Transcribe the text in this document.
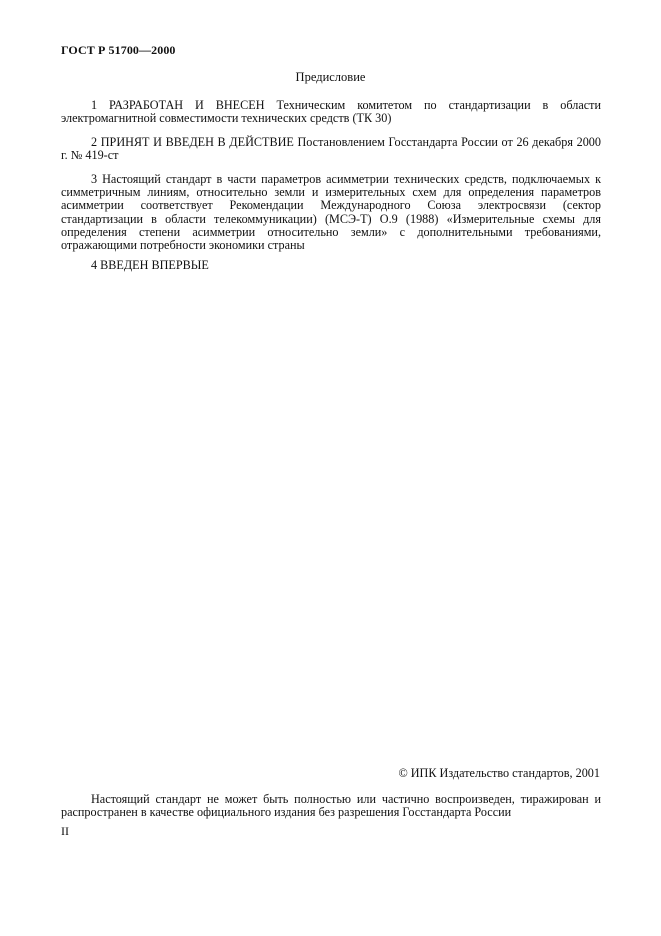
ГОСТ Р 51700—2000
Предисловие
1 РАЗРАБОТАН И ВНЕСЕН Техническим комитетом по стандартизации в области электромагнитной совместимости технических средств (ТК 30)
2 ПРИНЯТ И ВВЕДЕН В ДЕЙСТВИЕ Постановлением Госстандарта России от 26 декабря 2000 г. № 419-ст
3 Настоящий стандарт в части параметров асимметрии технических средств, подключаемых к симметричным линиям, относительно земли и измерительных схем для определения параметров асимметрии соответствует Рекомендации Международного Союза электросвязи (сектор стандартизации в области телекоммуникации) (МСЭ-Т) О.9 (1988) «Измерительные схемы для определения степени асимметрии относительно земли» с дополнительными требованиями, отражающими потребности экономики страны
4 ВВЕДЕН ВПЕРВЫЕ
© ИПК Издательство стандартов, 2001
Настоящий стандарт не может быть полностью или частично воспроизведен, тиражирован и распространен в качестве официального издания без разрешения Госстандарта России
II
